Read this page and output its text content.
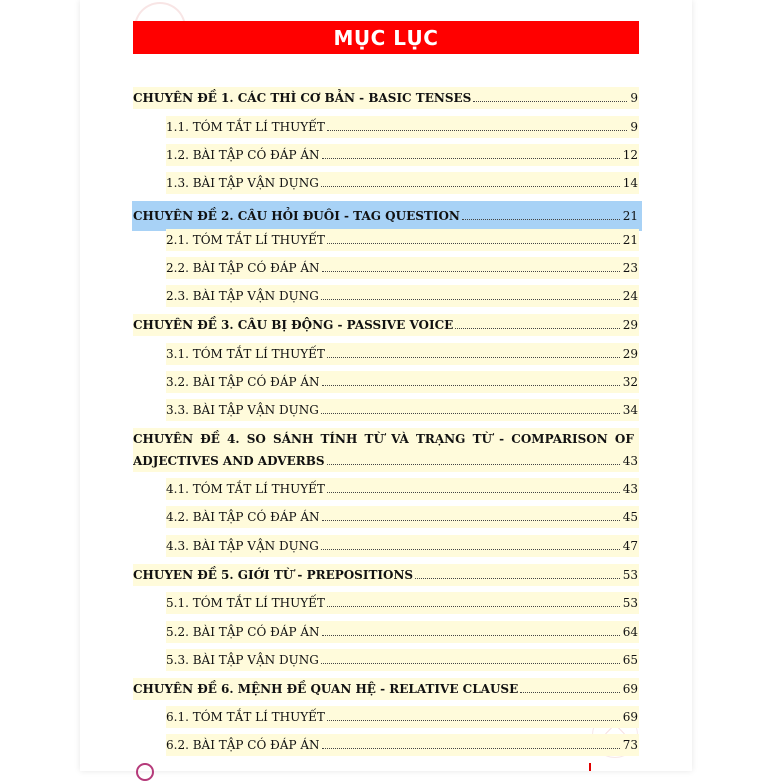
MỤC LỤC
CHUYÊN ĐỀ 1. CÁC THÌ CƠ BẢN - BASIC TENSES	9
1.1. TÓM TẮT LÍ THUYẾT	9
1.2. BÀI TẬP CÓ ĐÁP ÁN	12
1.3. BÀI TẬP VẬN DỤNG	14
CHUYÊN ĐỀ 2. CÂU HỎI ĐUÔI - TAG QUESTION	21
2.1. TÓM TẮT LÍ THUYẾT	21
2.2. BÀI TẬP CÓ ĐÁP ÁN	23
2.3. BÀI TẬP VẬN DỤNG	24
CHUYÊN ĐỀ 3. CÂU BỊ ĐỘNG - PASSIVE VOICE	29
3.1. TÓM TẮT LÍ THUYẾT	29
3.2. BÀI TẬP CÓ ĐÁP ÁN	32
3.3. BÀI TẬP VẬN DỤNG	34
CHUYÊN ĐỀ 4. SO SÁNH TÍNH TỪ VÀ TRẠNG TỪ - COMPARISON OF
ADJECTIVES AND ADVERBS	43
4.1. TÓM TẮT LÍ THUYẾT	43
4.2. BÀI TẬP CÓ ĐÁP ÁN	45
4.3. BÀI TẬP VẬN DỤNG	47
CHUYEN ĐỀ 5. GIỚI TỪ - PREPOSITIONS	53
5.1. TÓM TẮT LÍ THUYẾT	53
5.2. BÀI TẬP CÓ ĐÁP ÁN	64
5.3. BÀI TẬP VẬN DỤNG	65
CHUYÊN ĐỀ 6. MỆNH ĐỀ QUAN HỆ - RELATIVE CLAUSE	69
6.1. TÓM TẮT LÍ THUYẾT	69
6.2. BÀI TẬP CÓ ĐÁP ÁN	73
